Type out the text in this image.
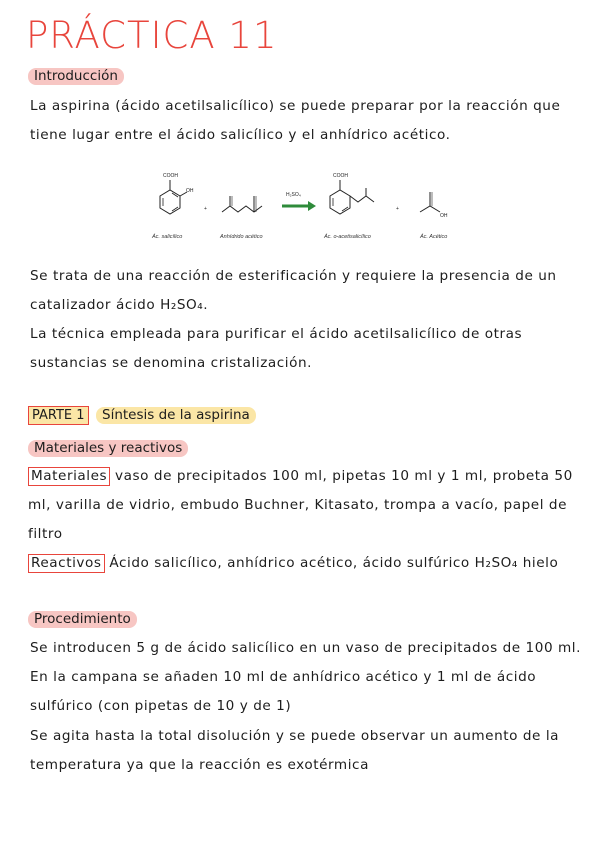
PRÁCTICA 11
Introducción

La aspirina (ácido acetilsalicílico) se puede preparar por la reacción que tiene lugar entre el ácido salicílico y el anhídrico acético.

COOH
OH
+
H₂SO₄
COOH
+
OH
Ác. salicílico	Anhídrido acético	Ác. o-acetisalicílico	Ác. Acético

Se trata de una reacción de esterificación y requiere la presencia de un catalizador ácido H₂SO₄.

La técnica empleada para purificar el ácido acetilsalicílico de otras sustancias se denomina cristalización.

PARTE 1	Síntesis de la aspirina
Materiales y reactivos

Materiales vaso de precipitados 100 ml, pipetas 10 ml y 1 ml, probeta 50 ml, varilla de vidrio, embudo Buchner, Kitasato, trompa a vacío, papel de filtro

Reactivos Ácido salicílico, anhídrico acético, ácido sulfúrico H₂SO₄ hielo

Procedimiento

Se introducen 5 g de ácido salicílico en un vaso de precipitados de 100 ml. En la campana se añaden 10 ml de anhídrico acético y 1 ml de ácido sulfúrico (con pipetas de 10 y de 1)

Se agita hasta la total disolución y se puede observar un aumento de la temperatura ya que la reacción es exotérmica
